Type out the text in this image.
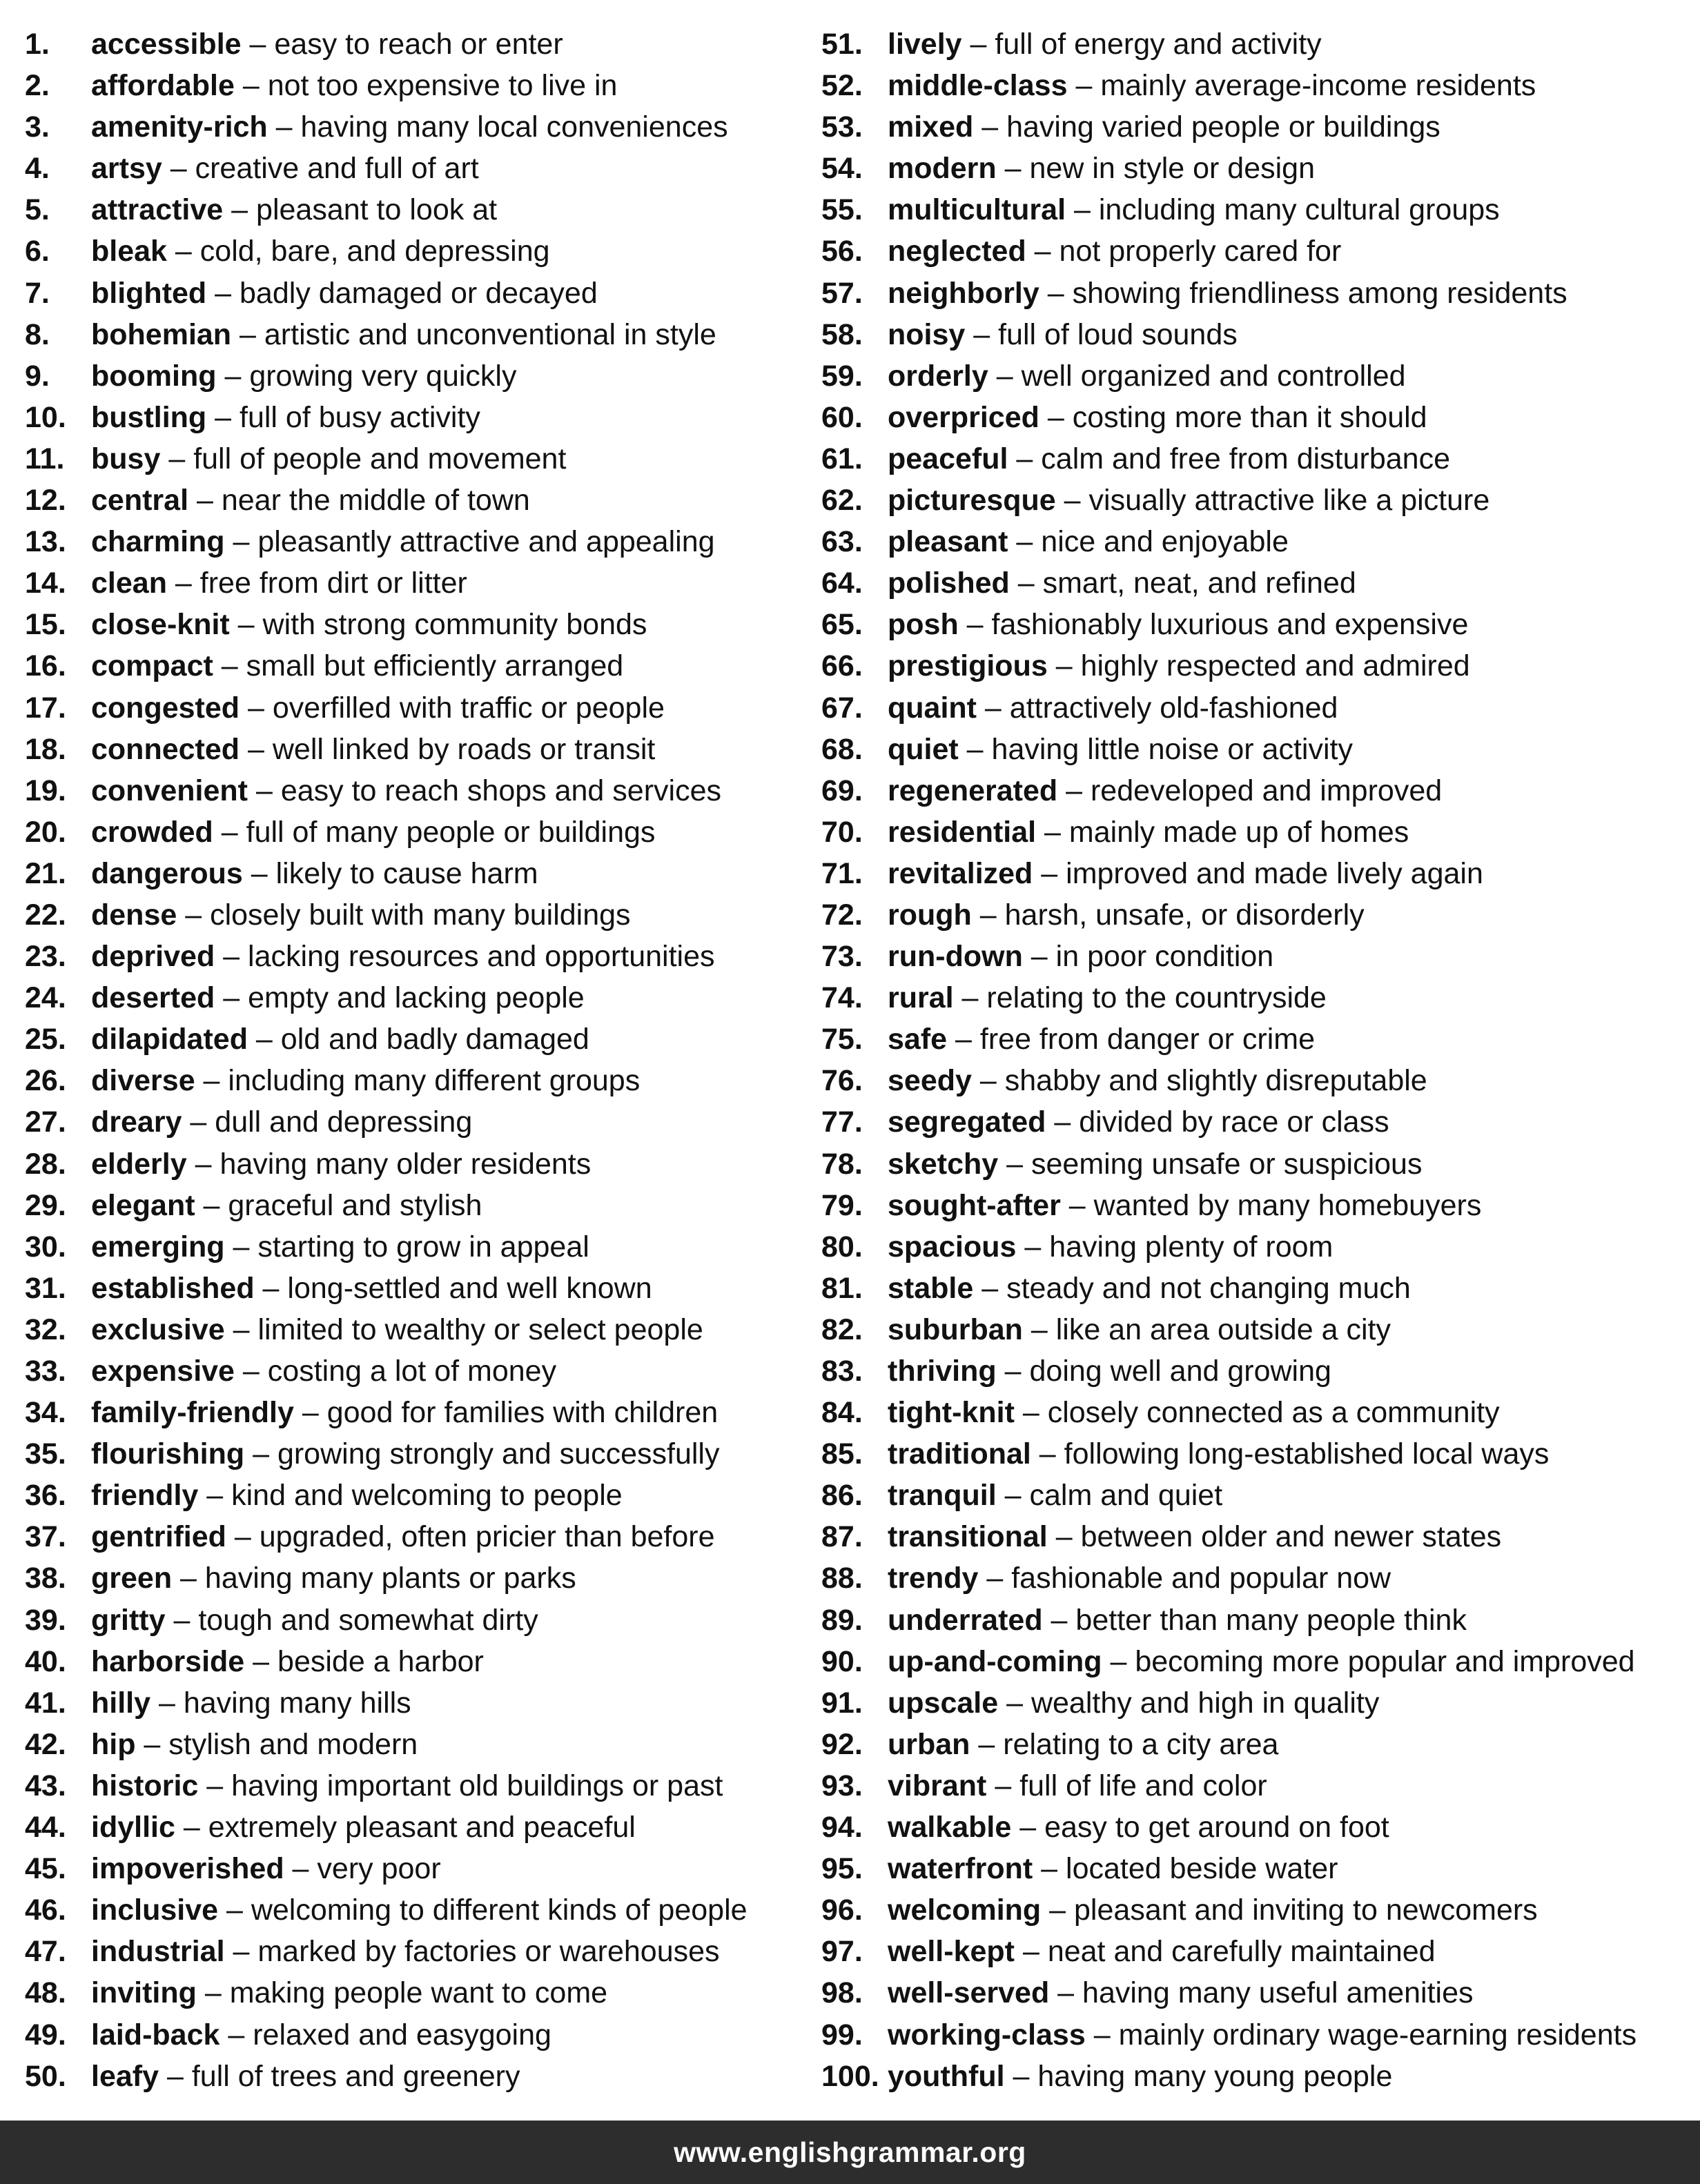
1.	accessible – easy to reach or enter
2.	affordable – not too expensive to live in
3.	amenity-rich – having many local conveniences
4.	artsy – creative and full of art
5.	attractive – pleasant to look at
6.	bleak – cold, bare, and depressing
7.	blighted – badly damaged or decayed
8.	bohemian – artistic and unconventional in style
9.	booming – growing very quickly
10. bustling – full of busy activity
11. busy – full of people and movement
12. central – near the middle of town
13. charming – pleasantly attractive and appealing
14. clean – free from dirt or litter
15. close-knit – with strong community bonds
16. compact – small but efficiently arranged
17. congested – overfilled with traffic or people
18. connected – well linked by roads or transit
19. convenient – easy to reach shops and services
20. crowded – full of many people or buildings
21. dangerous – likely to cause harm
22. dense – closely built with many buildings
23. deprived – lacking resources and opportunities
24. deserted – empty and lacking people
25. dilapidated – old and badly damaged
26. diverse – including many different groups
27. dreary – dull and depressing
28. elderly – having many older residents
29. elegant – graceful and stylish
30. emerging – starting to grow in appeal
31. established – long-settled and well known
32. exclusive – limited to wealthy or select people
33. expensive – costing a lot of money
34. family-friendly – good for families with children
35. flourishing – growing strongly and successfully
36. friendly – kind and welcoming to people
37. gentrified – upgraded, often pricier than before
38. green – having many plants or parks
39. gritty – tough and somewhat dirty
40. harborside – beside a harbor
41. hilly – having many hills
42. hip – stylish and modern
43. historic – having important old buildings or past
44. idyllic – extremely pleasant and peaceful
45. impoverished – very poor
46. inclusive – welcoming to different kinds of people
47. industrial – marked by factories or warehouses
48. inviting – making people want to come
49. laid-back – relaxed and easygoing
50. leafy – full of trees and greenery
51. lively – full of energy and activity
52. middle-class – mainly average-income residents
53. mixed – having varied people or buildings
54. modern – new in style or design
55. multicultural – including many cultural groups
56. neglected – not properly cared for
57. neighborly – showing friendliness among residents
58. noisy – full of loud sounds
59. orderly – well organized and controlled
60. overpriced – costing more than it should
61. peaceful – calm and free from disturbance
62. picturesque – visually attractive like a picture
63. pleasant – nice and enjoyable
64. polished – smart, neat, and refined
65. posh – fashionably luxurious and expensive
66. prestigious – highly respected and admired
67. quaint – attractively old-fashioned
68. quiet – having little noise or activity
69. regenerated – redeveloped and improved
70. residential – mainly made up of homes
71. revitalized – improved and made lively again
72. rough – harsh, unsafe, or disorderly
73. run-down – in poor condition
74. rural – relating to the countryside
75. safe – free from danger or crime
76. seedy – shabby and slightly disreputable
77. segregated – divided by race or class
78. sketchy – seeming unsafe or suspicious
79. sought-after – wanted by many homebuyers
80. spacious – having plenty of room
81. stable – steady and not changing much
82. suburban – like an area outside a city
83. thriving – doing well and growing
84. tight-knit – closely connected as a community
85. traditional – following long-established local ways
86. tranquil – calm and quiet
87. transitional – between older and newer states
88. trendy – fashionable and popular now
89. underrated – better than many people think
90. up-and-coming – becoming more popular and improved
91. upscale – wealthy and high in quality
92. urban – relating to a city area
93. vibrant – full of life and color
94. walkable – easy to get around on foot
95. waterfront – located beside water
96. welcoming – pleasant and inviting to newcomers
97. well-kept – neat and carefully maintained
98. well-served – having many useful amenities
99. working-class – mainly ordinary wage-earning residents
100. youthful – having many young people
www.englishgrammar.org
